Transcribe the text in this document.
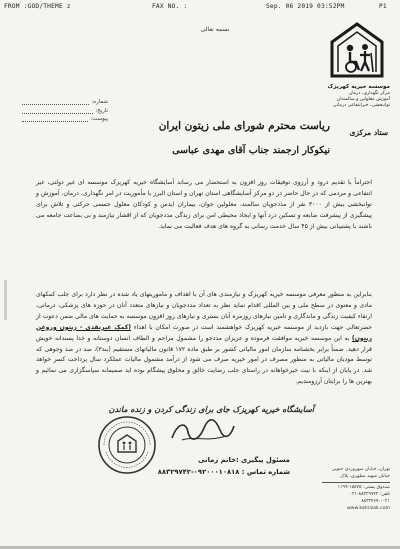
FROM :GOD/THEME z	FAX NO. :	Sep. 06 2019 03:52PM	P1
بسمه تعالی
موسسه خیریه کهریزک
مرکز نگهداری، درمان
آموزش معلولین و سالمندان
توانبخشی، خیرانتفاعی درمانی
شماره:
تاریخ:
پیوست:
ستاد مرکزی
ریاست محترم شورای ملی زیتون ایران
نیکوکار ارجمند جناب آقای مهدی عباسی
احتراماً با تقدیم درود و آرزوی توفیقات روز افزون به استحضار می رساند آسایشگاه خیریه کهریزک موسسه ای غیر دولتی، غیر انتفاعی و مردمی که در حال حاضر در دو مرکز آسایشگاهی استان تهران و استان البرز با مأموریت در امر نگهداری، درمان، آموزش و توانبخشی بیش از ۳۰۰۰ نفر از مددجویان سالمند، معلولین جوان، بیماران ایدس و کودکان معلول جسمی حرکتی و تلاش برای پیشگیری از پیشرفت ضایعه و تسکین درد آنها و ایجاد محیطی امن برای زندگی مددجویان که از اقشار نیازمند و بی بضاعت جامعه می باشند با پشتیبانی بیش از ۴۵ سال خدمت رسانی به گروه های هدف فعالیت می نماید.
بنابراین به منظور معرفی موسسه خیریه کهریزک و نیازمندی های آن با اهداف و ماموریتهای یاد شده در نظر دارد برای جلب کمکهای مادی و معنوی در سطح ملی و بین المللی اقدام نماید نظر به تعداد مددجویان و نیازهای متعدد آنان در حوزه های پزشکی، درمانی، ارتقاء کیفیت زندگی و ماندگاری و تامین نیازهای روزمره آنان بستری و نیازهای روز افزون موسسه به حمایت های مالی ضمن دعوت از حضرتعالی جهت بازدید از موسسه خیریه کهریزک خواهشمند است در صورت امکان با اهداء (کمک غیرنقدی - زیتون وروغن زیتون) به این موسسه خیریه موافقت فرموده و عزیزان مددجو را مشمول مراحم و الطاف انسان دوستانه و خدا پسندانه خویش قرار دهید. ضمناً برابر بخشنامه سازمان امور مالیاتی کشور بر طبق ماده ۱۷۲ قانون مالیاتهای مستقیم (بند۳)، صد در صد وجوهی که توسط مودیان مالیاتی به منظور مصرف در امور خیریه صرف می شود از درآمد مشمول مالیات عملکرد سال پرداخت کسر خواهد شد. در پایان از اینکه با نیت خیرخواهانه در راستای جلب رضایت خالق و مخلوق پیشگام بوده اید صمیمانه سپاسگزاری می نمائیم و بهترین ها را برایتان آرزومندیم.
آسایشگاه خیریه کهریزک جای برای زندگی کردن و زنده ماندن
مسئول پیگیری :خانم زمانی
شماره تماس : ۰۹۲۰۰۰۱۰۸۱۸-۸۸۳۲۹۷۴۲	تهران، خیابان سهروردی جنوبی
خیابان شهید مطهری، پلاک
صندوق پستی: ۱۵۸۷۵-۱۱۹۹
تلفن: ۸۸۳۲۹۷۴۲-۰۲۱
۸۸۳۲۴۶۷۰-۰۲۱
www.kahrizak.com
